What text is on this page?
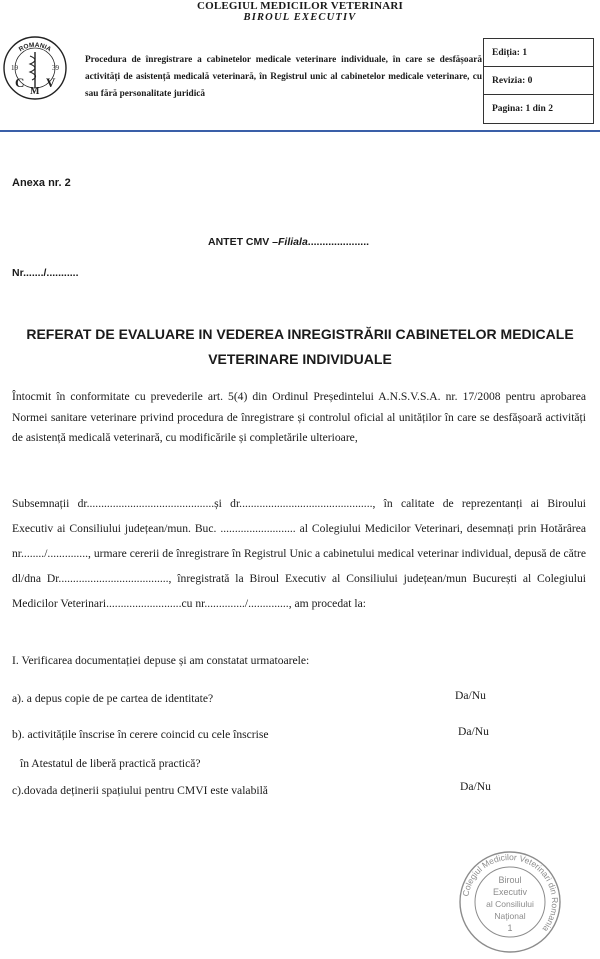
COLEGIUL MEDICILOR VETERINARI
BIROUL EXECUTIV
ROMANIA
19	39
C
M
V
Procedura de înregistrare a cabinetelor medicale veterinare individuale, în care se desfășoară activități de asistență medicală veterinară, în Registrul unic al cabinetelor medicale veterinare, cu sau fără personalitate juridică
Ediția: 1
Revizia: 0
Pagina: 1 din 2
Anexa nr. 2
ANTET CMV –Filiala.....................
Nr......./...........
REFERAT DE EVALUARE IN VEDEREA INREGISTRĂRII CABINETELOR MEDICALE
VETERINARE INDIVIDUALE
Întocmit în conformitate cu prevederile art. 5(4) din Ordinul Președintelui A.N.S.V.S.A. nr. 17/2008 pentru aprobarea Normei sanitare veterinare privind procedura de înregistrare și controlul oficial al unităților în care se desfășoară activități de asistență medicală veterinară, cu modificările și completările ulterioare,
Subsemnații dr............................................și dr.............................................., în calitate de reprezentanți ai Biroului Executiv ai Consiliului județean/mun. Buc. .......................... al Colegiului Medicilor Veterinari, desemnați prin Hotărârea nr......../.............., urmare cererii de înregistrare în Registrul Unic a cabinetului medical veterinar individual, depusă de către dl/dna Dr......................................, înregistrată la Biroul Executiv al Consiliului județean/mun București al Colegiului Medicilor Veterinari..........................cu nr............../.............., am procedat la:
I. Verificarea documentației depuse și am constatat urmatoarele:
a). a depus copie de pe cartea de identitate?	Da/Nu
b). activitățile înscrise în cerere coincid cu cele înscrise	Da/Nu
în Atestatul de liberă practică practică?
c).dovada deținerii spațiului pentru CMVI este valabilă	Da/Nu
Colegiul Medicilor Veterinari din Romania
Biroul
Executiv
al Consiliului
Naţional
1
